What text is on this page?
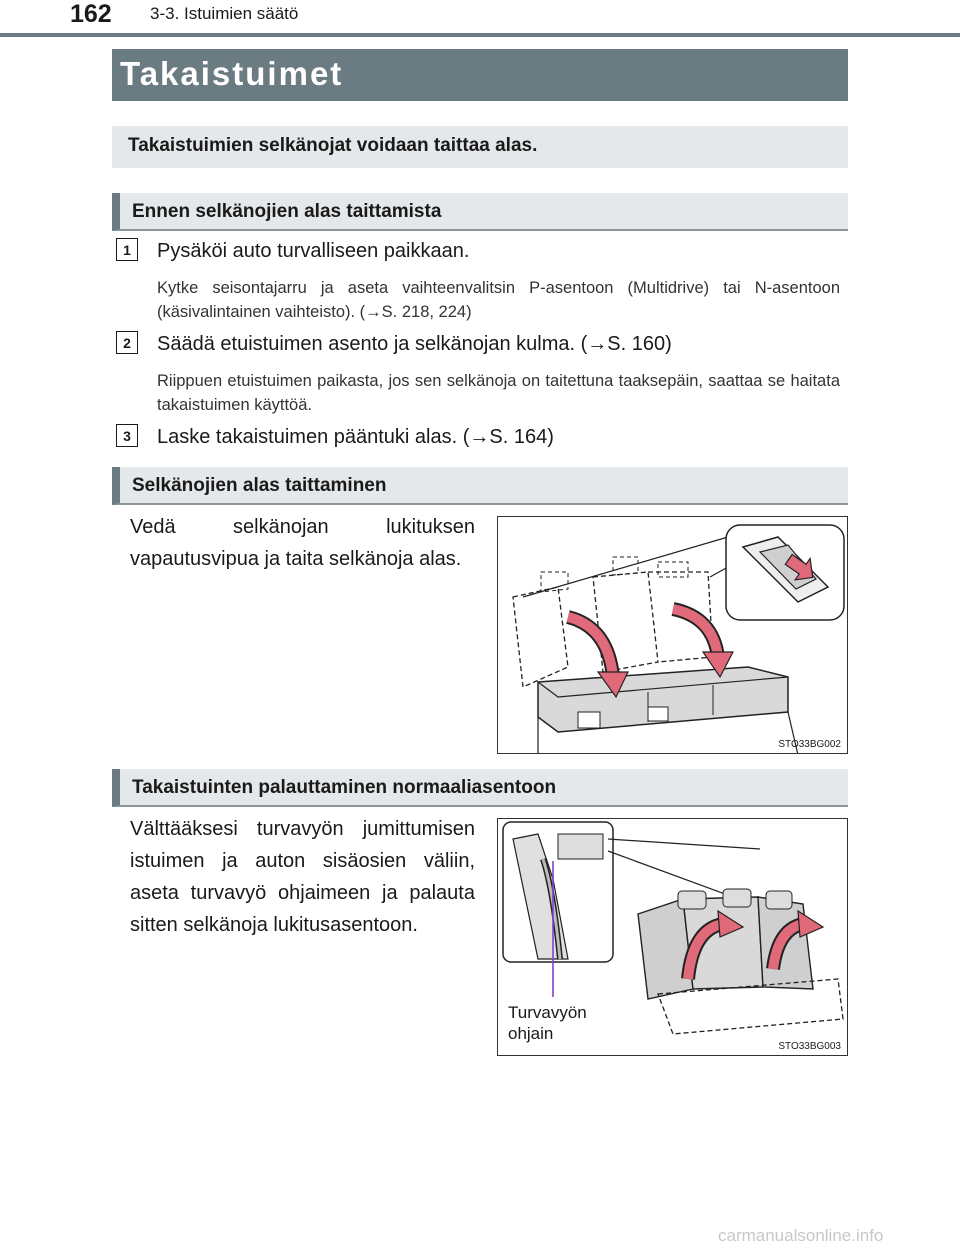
162 3-3. Istuimien säätö
Takaistuimet
Takaistuimien selkänojat voidaan taittaa alas.
Ennen selkänojien alas taittamista
1	Pysäköi auto turvalliseen paikkaan.
Kytke seisontajarru ja aseta vaihteenvalitsin P-asentoon (Multidrive) tai N-asentoon (käsivalintainen vaihteisto). (→S. 218, 224)
2	Säädä etuistuimen asento ja selkänojan kulma. (→S. 160)
Riippuen etuistuimen paikasta, jos sen selkänoja on taitettuna taaksepäin, saattaa se haitata takaistuimen käyttöä.
3	Laske takaistuimen pääntuki alas. (→S. 164)
Selkänojien alas taittaminen
Vedä selkänojan lukituksen vapautusvipua ja taita selkänoja alas.
STO33BG002
Takaistuinten palauttaminen normaaliasentoon
Välttääksesi turvavyön jumittumisen istuimen ja auton sisäosien väliin, aseta turvavyö ohjaimeen ja palauta sitten selkänoja lukitusasentoon.
Turvavyön
ohjain
STO33BG003
carmanualsonline.info
